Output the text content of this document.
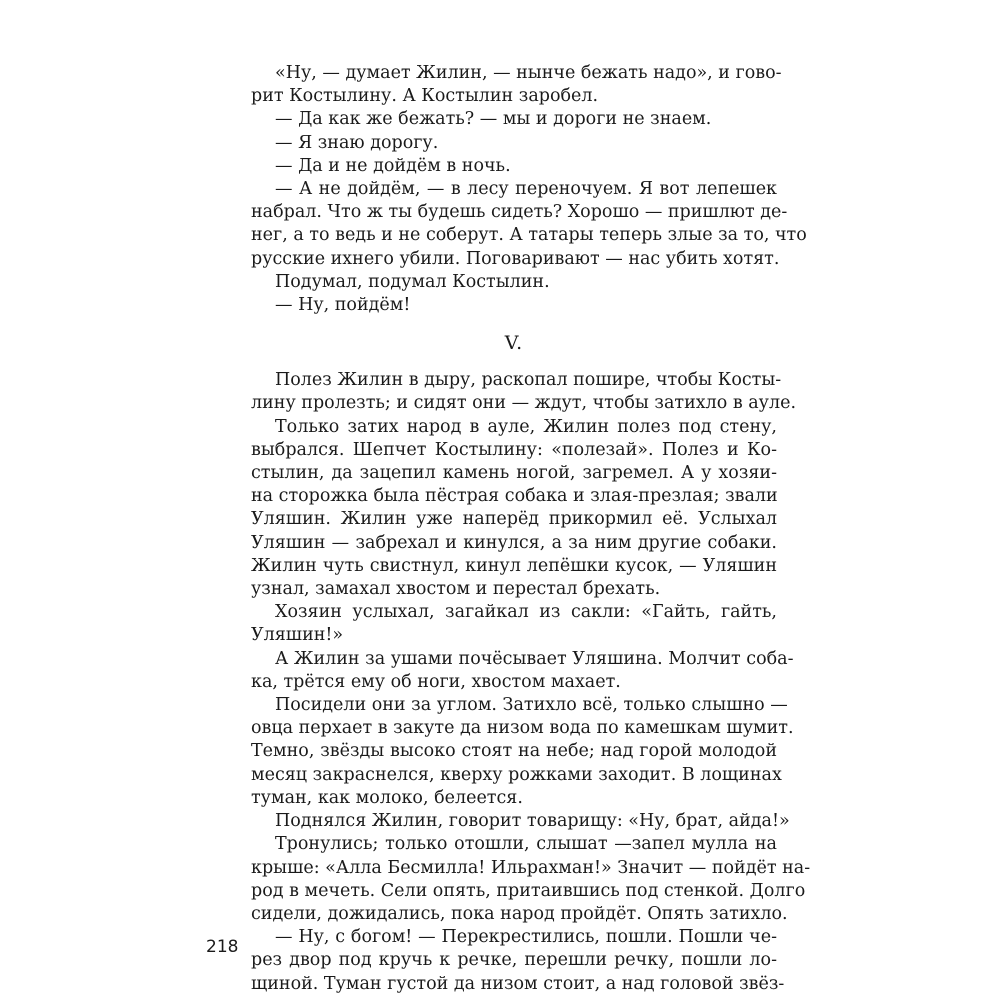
«Ну, — думает Жилин, — нынче бежать надо», и гово-
рит Костылину. А Костылин заробел.

— Да как же бежать? — мы и дороги не знаем.

— Я знаю дорогу.

— Да и не дойдём в ночь.

— А не дойдём, — в лесу переночуем. Я вот лепешек
набрал. Что ж ты будешь сидеть? Хорошо — пришлют де-
нег, а то ведь и не соберут. А татары теперь злые за то, что
русские ихнего убили. Поговаривают — нас убить хотят.

Подумал, подумал Костылин.

— Ну, пойдём!

V.

Полез Жилин в дыру, раскопал пошире, чтобы Косты-
лину пролезть; и сидят они — ждут, чтобы затихло в ауле.

Только затих народ в ауле, Жилин полез под стену,
выбрался. Шепчет Костылину: «полезай». Полез и Ко-
стылин, да зацепил камень ногой, загремел. А у хозяи-
на сторожка была пёстрая собака и злая-презлая; звали
Уляшин. Жилин уже наперёд прикормил её. Услыхал
Уляшин — забрехал и кинулся, а за ним другие собаки.
Жилин чуть свистнул, кинул лепёшки кусок, — Уляшин
узнал, замахал хвостом и перестал брехать.

Хозяин услыхал, загайкал из сакли: «Гайть, гайть,
Уляшин!»

А Жилин за ушами почёсывает Уляшина. Молчит соба-
ка, трётся ему об ноги, хвостом махает.

Посидели они за углом. Затихло всё, только слышно —
овца перхает в закуте да низом вода по камешкам шумит.
Темно, звёзды высоко стоят на небе; над горой молодой
месяц закраснелся, кверху рожками заходит. В лощинах
туман, как молоко, белеется.

Поднялся Жилин, говорит товарищу: «Ну, брат, айда!»

Тронулись; только отошли, слышат —запел мулла на
крыше: «Алла Бесмилла! Ильрахман!» Значит — пойдёт на-
род в мечеть. Сели опять, притаившись под стенкой. Долго
сидели, дожидались, пока народ пройдёт. Опять затихло.

— Ну, с богом! — Перекрестились, пошли. Пошли че-
рез двор под кручь к речке, перешли речку, пошли ло-
щиной. Туман густой да низом стоит, а над головой звёз-

218
